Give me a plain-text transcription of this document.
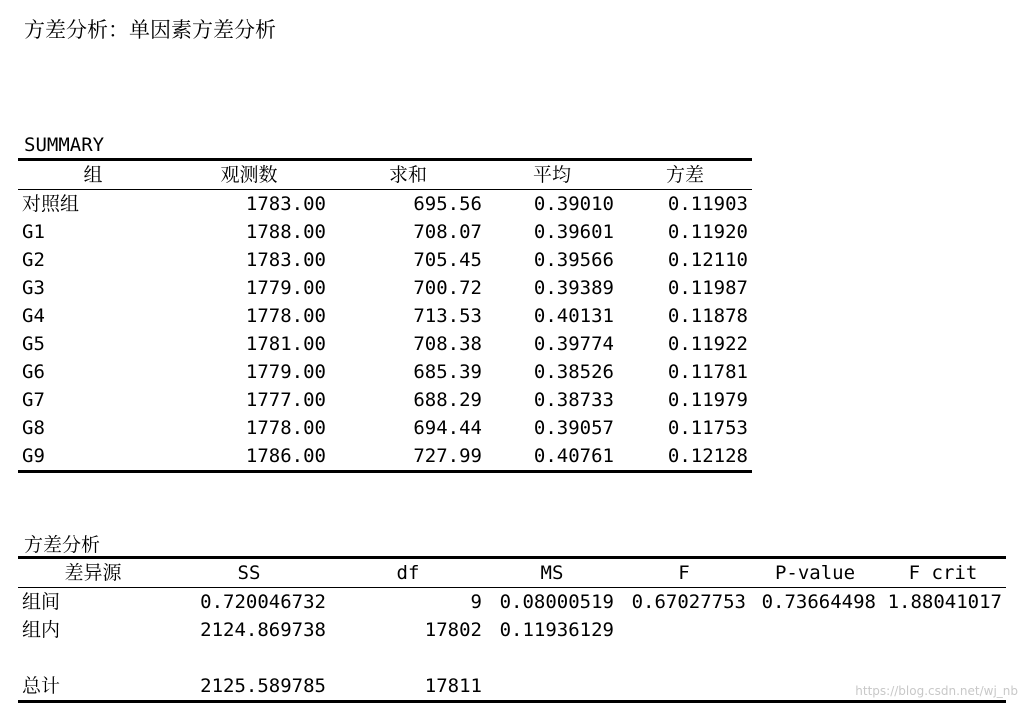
方差分析：单因素方差分析
SUMMARY
组	观测数	求和	平均	方差
对照组	1783.00	695.56	0.39010	0.11903
G1	1788.00	708.07	0.39601	0.11920
G2	1783.00	705.45	0.39566	0.12110
G3	1779.00	700.72	0.39389	0.11987
G4	1778.00	713.53	0.40131	0.11878
G5	1781.00	708.38	0.39774	0.11922
G6	1779.00	685.39	0.38526	0.11781
G7	1777.00	688.29	0.38733	0.11979
G8	1778.00	694.44	0.39057	0.11753
G9	1786.00	727.99	0.40761	0.12128
方差分析
差异源	SS	df	MS	F	P-value	F crit
组间	0.720046732	9	0.08000519	0.67027753	0.73664498	1.88041017
组内	2124.869738	17802	0.11936129			

总计	2125.589785	17811					https://blog.csdn.net/wj_nb
